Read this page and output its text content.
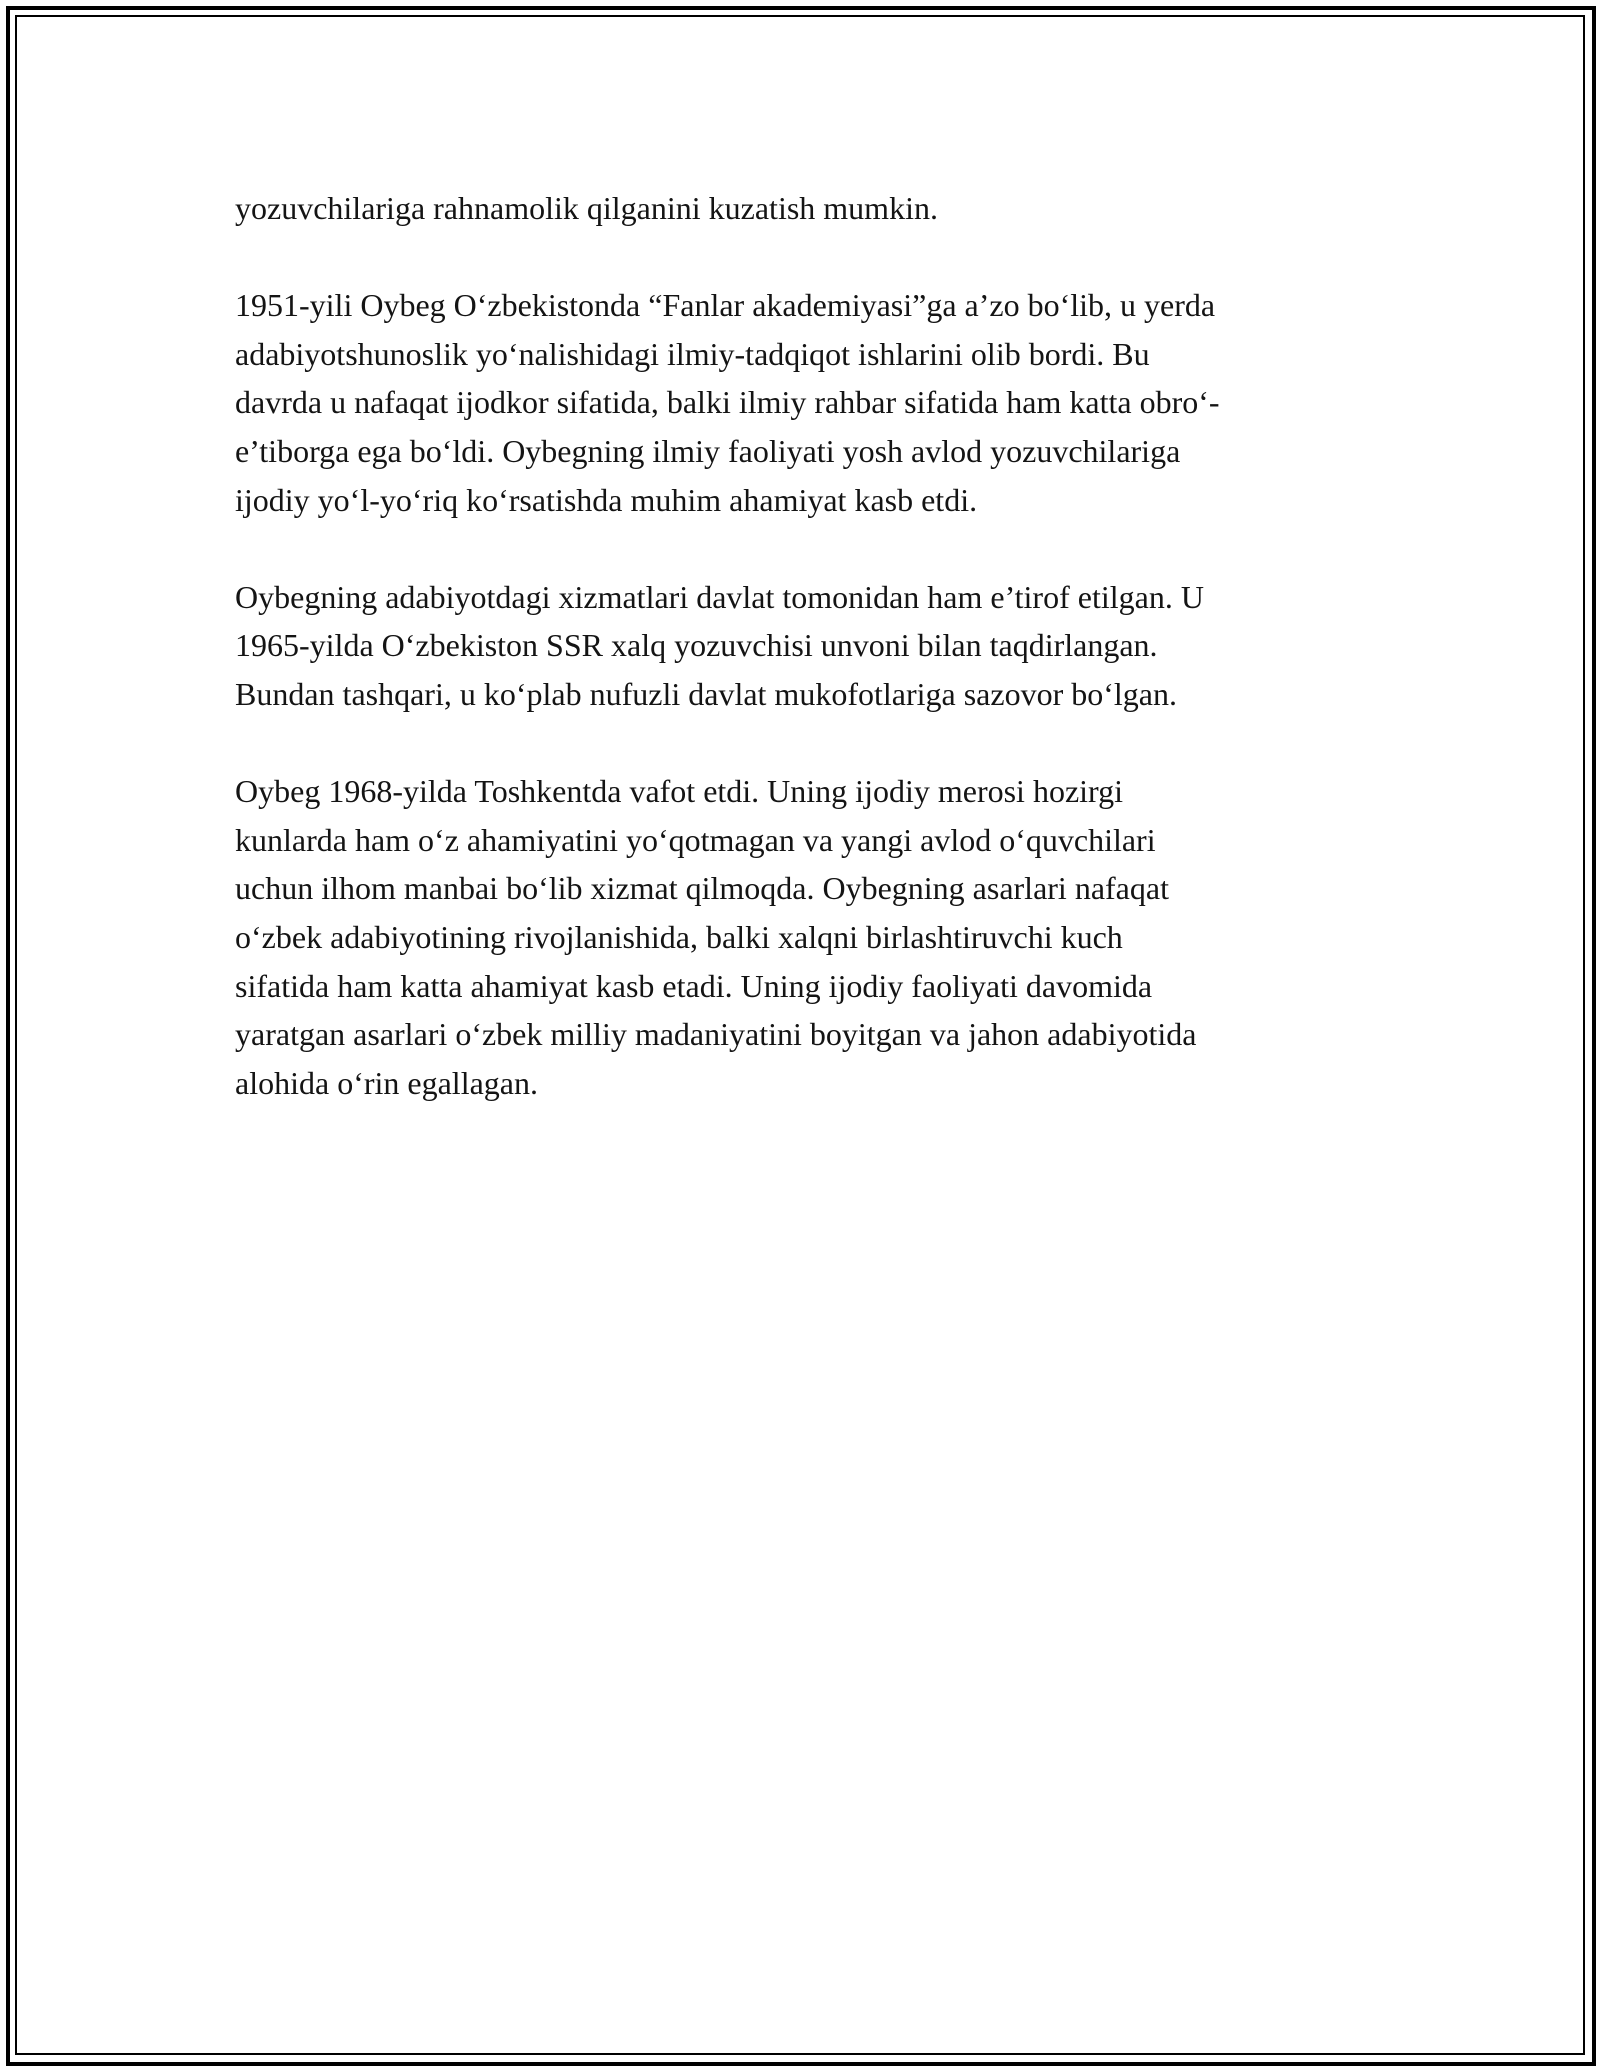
yozuvchilariga rahnamolik qilganini kuzatish mumkin.

1951-yili Oybeg O‘zbekistonda “Fanlar akademiyasi”ga a’zo bo‘lib, u yerda
adabiyotshunoslik yo‘nalishidagi ilmiy-tadqiqot ishlarini olib bordi. Bu
davrda u nafaqat ijodkor sifatida, balki ilmiy rahbar sifatida ham katta obro‘-
e’tiborga ega bo‘ldi. Oybegning ilmiy faoliyati yosh avlod yozuvchilariga
ijodiy yo‘l-yo‘riq ko‘rsatishda muhim ahamiyat kasb etdi.

Oybegning adabiyotdagi xizmatlari davlat tomonidan ham e’tirof etilgan. U
1965-yilda O‘zbekiston SSR xalq yozuvchisi unvoni bilan taqdirlangan.
Bundan tashqari, u ko‘plab nufuzli davlat mukofotlariga sazovor bo‘lgan.

Oybeg 1968-yilda Toshkentda vafot etdi. Uning ijodiy merosi hozirgi
kunlarda ham o‘z ahamiyatini yo‘qotmagan va yangi avlod o‘quvchilari
uchun ilhom manbai bo‘lib xizmat qilmoqda. Oybegning asarlari nafaqat
o‘zbek adabiyotining rivojlanishida, balki xalqni birlashtiruvchi kuch
sifatida ham katta ahamiyat kasb etadi. Uning ijodiy faoliyati davomida
yaratgan asarlari o‘zbek milliy madaniyatini boyitgan va jahon adabiyotida
alohida o‘rin egallagan.
